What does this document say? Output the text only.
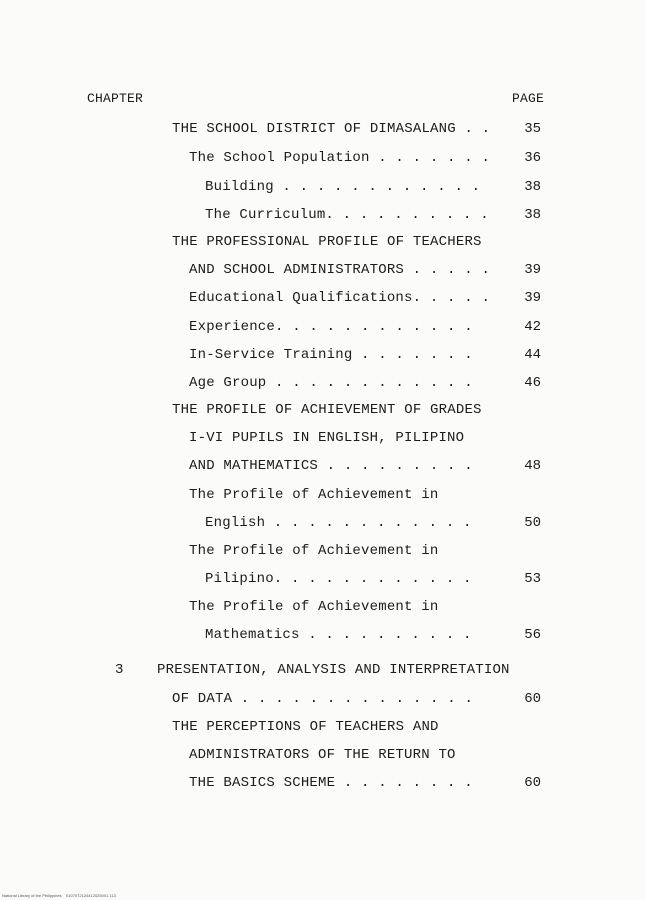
CHAPTER	PAGE
THE SCHOOL DISTRICT OF DIMASALANG . .	35
The School Population . . . . . . .	36
Building . . . . . . . . . . . .	38
The Curriculum. . . . . . . . . .	38
THE PROFESSIONAL PROFILE OF TEACHERS
AND SCHOOL ADMINISTRATORS . . . . .	39
Educational Qualifications. . . . .	39
Experience. . . . . . . . . . . .	42
In-Service Training . . . . . . .	44
Age Group . . . . . . . . . . . .	46
THE PROFILE OF ACHIEVEMENT OF GRADES
I-VI PUPILS IN ENGLISH, PILIPINO
AND MATHEMATICS . . . . . . . . .	48
The Profile of Achievement in
English . . . . . . . . . . . .	50
The Profile of Achievement in
Pilipino. . . . . . . . . . . .	53
The Profile of Achievement in
Mathematics . . . . . . . . . .	56
3 PRESENTATION, ANALYSIS AND INTERPRETATION
OF DATA . . . . . . . . . . . . . .	60
THE PERCEPTIONS OF TEACHERS AND
ADMINISTRATORS OF THE RETURN TO
THE BASICS SCHEME . . . . . . . .	60
National Library of the Philippines    0107072124412025001 113
